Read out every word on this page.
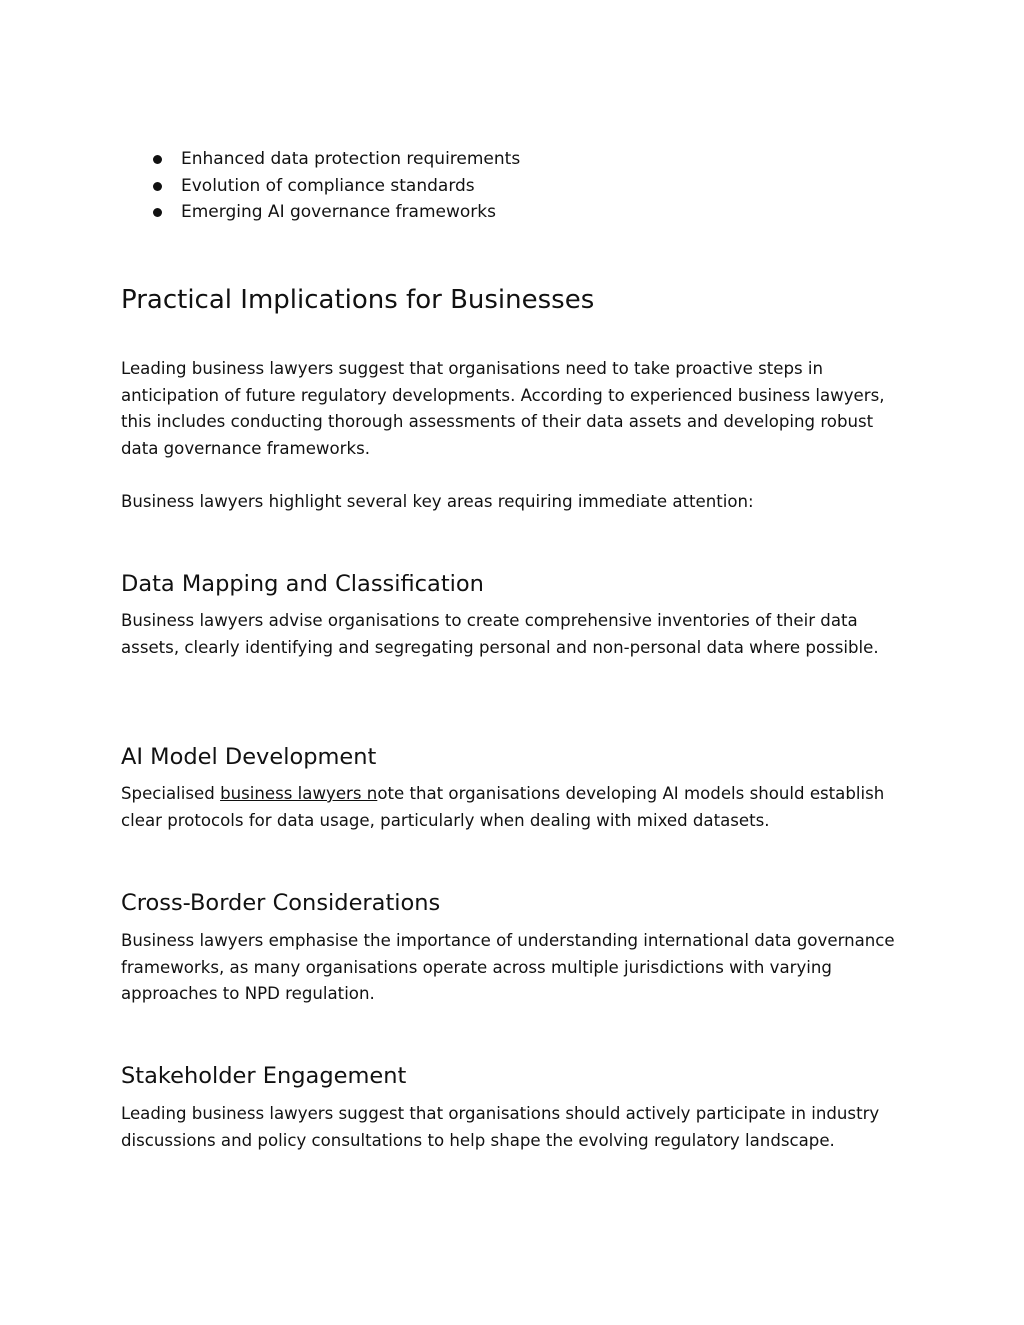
Enhanced data protection requirements
Evolution of compliance standards
Emerging AI governance frameworks
Practical Implications for Businesses

Leading business lawyers suggest that organisations need to take proactive steps in anticipation of future regulatory developments. According to experienced business lawyers, this includes conducting thorough assessments of their data assets and developing robust data governance frameworks.

Business lawyers highlight several key areas requiring immediate attention:

Data Mapping and Classification

Business lawyers advise organisations to create comprehensive inventories of their data assets, clearly identifying and segregating personal and non-personal data where possible.

AI Model Development

Specialised business lawyers note that organisations developing AI models should establish clear protocols for data usage, particularly when dealing with mixed datasets.

Cross-Border Considerations

Business lawyers emphasise the importance of understanding international data governance frameworks, as many organisations operate across multiple jurisdictions with varying approaches to NPD regulation.

Stakeholder Engagement

Leading business lawyers suggest that organisations should actively participate in industry discussions and policy consultations to help shape the evolving regulatory landscape.
